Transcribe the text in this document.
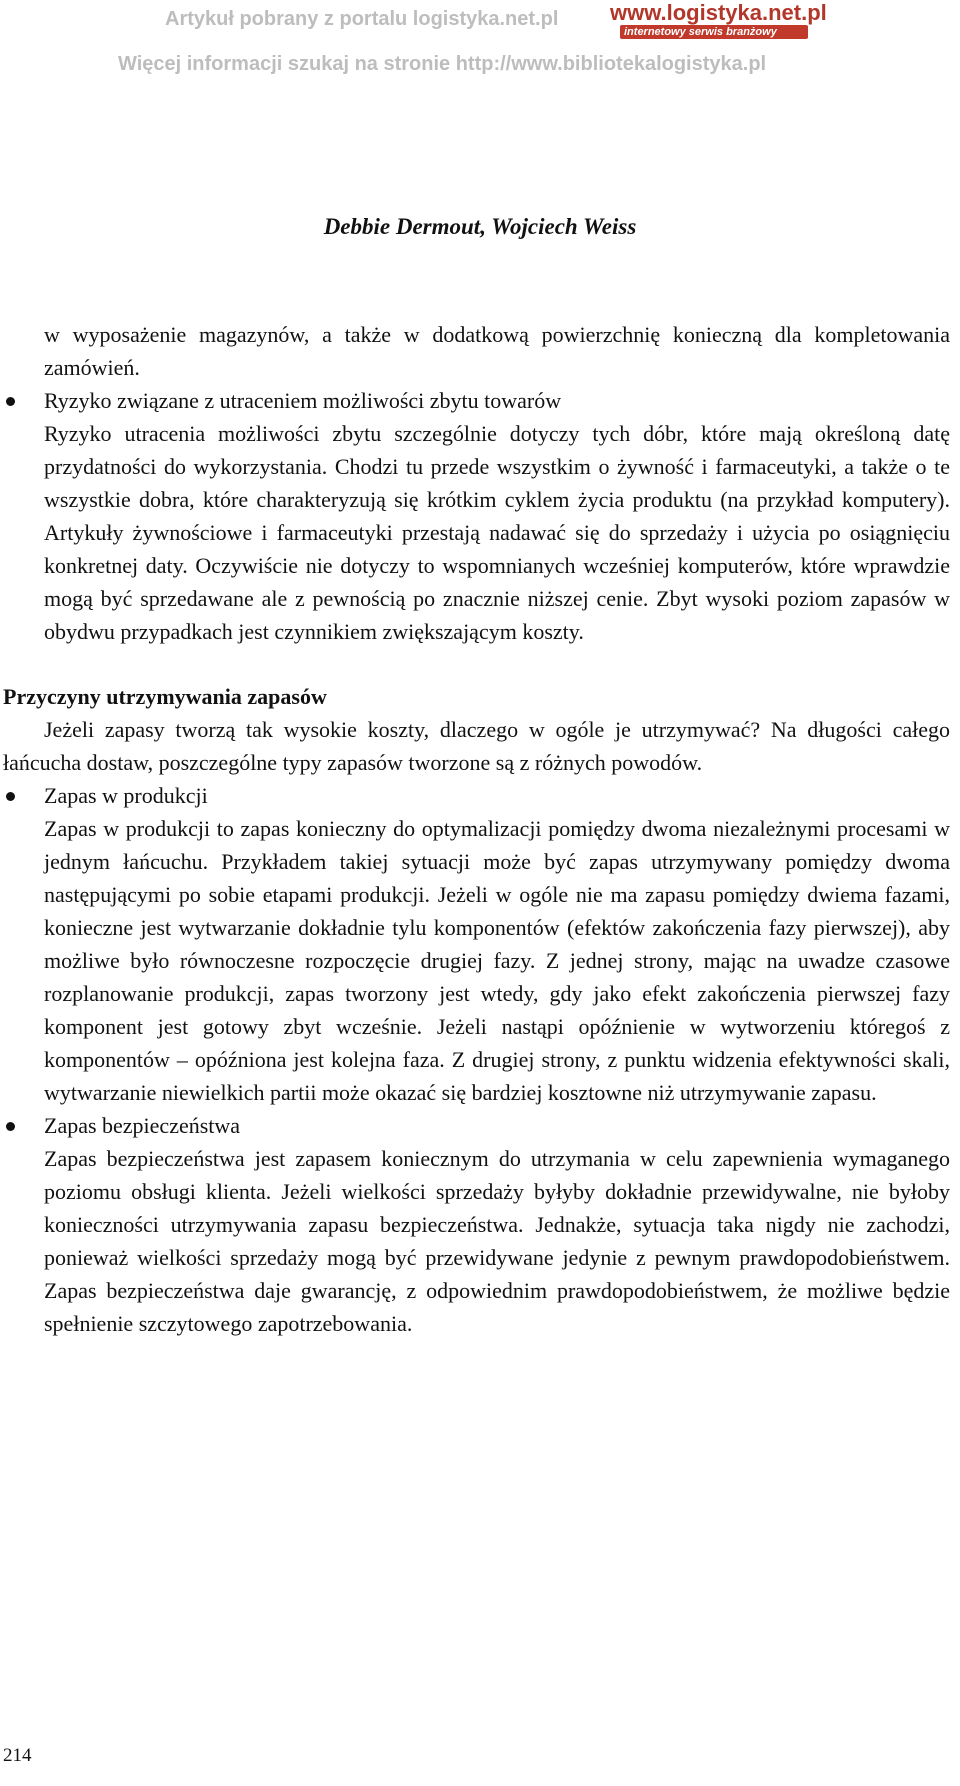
Artykuł pobrany z portalu logistyka.net.pl
Więcej informacji szukaj na stronie http://www.bibliotekalogistyka.pl
www.logistyka.net.pl
internetowy serwis branżowy
Debbie Dermout, Wojciech Weiss

w wyposażenie magazynów, a także w dodatkową powierzchnię konieczną dla kompletowania zamówień.

Ryzyko związane z utraceniem możliwości zbytu towarów

Ryzyko utracenia możliwości zbytu szczególnie dotyczy tych dóbr, które mają określoną datę przydatności do wykorzystania. Chodzi tu przede wszystkim o żywność i farmaceutyki, a także o te wszystkie dobra, które charakteryzują się krótkim cyklem życia produktu (na przykład komputery). Artykuły żywnościowe i farmaceutyki przestają nadawać się do sprzedaży i użycia po osiągnięciu konkretnej daty. Oczywiście nie dotyczy to wspomnianych wcześniej komputerów, które wprawdzie mogą być sprzedawane ale z pewnością po znacznie niższej cenie. Zbyt wysoki poziom zapasów w obydwu przypadkach jest czynnikiem zwiększającym koszty.

Przyczyny utrzymywania zapasów

Jeżeli zapasy tworzą tak wysokie koszty, dlaczego w ogóle je utrzymywać? Na długości całego łańcucha dostaw, poszczególne typy zapasów tworzone są z różnych powodów.

Zapas w produkcji

Zapas w produkcji to zapas konieczny do optymalizacji pomiędzy dwoma niezależnymi procesami w jednym łańcuchu. Przykładem takiej sytuacji może być zapas utrzymywany pomiędzy dwoma następującymi po sobie etapami produkcji. Jeżeli w ogóle nie ma zapasu pomiędzy dwiema fazami, konieczne jest wytwarzanie dokładnie tylu komponentów (efektów zakończenia fazy pierwszej), aby możliwe było równoczesne rozpoczęcie drugiej fazy. Z jednej strony, mając na uwadze czasowe rozplanowanie produkcji, zapas tworzony jest wtedy, gdy jako efekt zakończenia pierwszej fazy komponent jest gotowy zbyt wcześnie. Jeżeli nastąpi opóźnienie w wytworzeniu któregoś z komponentów – opóźniona jest kolejna faza. Z drugiej strony, z punktu widzenia efektywności skali, wytwarzanie niewielkich partii może okazać się bardziej kosztowne niż utrzymywanie zapasu.

Zapas bezpieczeństwa

Zapas bezpieczeństwa jest zapasem koniecznym do utrzymania w celu zapewnienia wymaganego poziomu obsługi klienta. Jeżeli wielkości sprzedaży byłyby dokładnie przewidywalne, nie byłoby konieczności utrzymywania zapasu bezpieczeństwa. Jednakże, sytuacja taka nigdy nie zachodzi, ponieważ wielkości sprzedaży mogą być przewidywane jedynie z pewnym prawdopodobieństwem. Zapas bezpieczeństwa daje gwarancję, z odpowiednim prawdopodobieństwem, że możliwe będzie spełnienie szczytowego zapotrzebowania.

214
